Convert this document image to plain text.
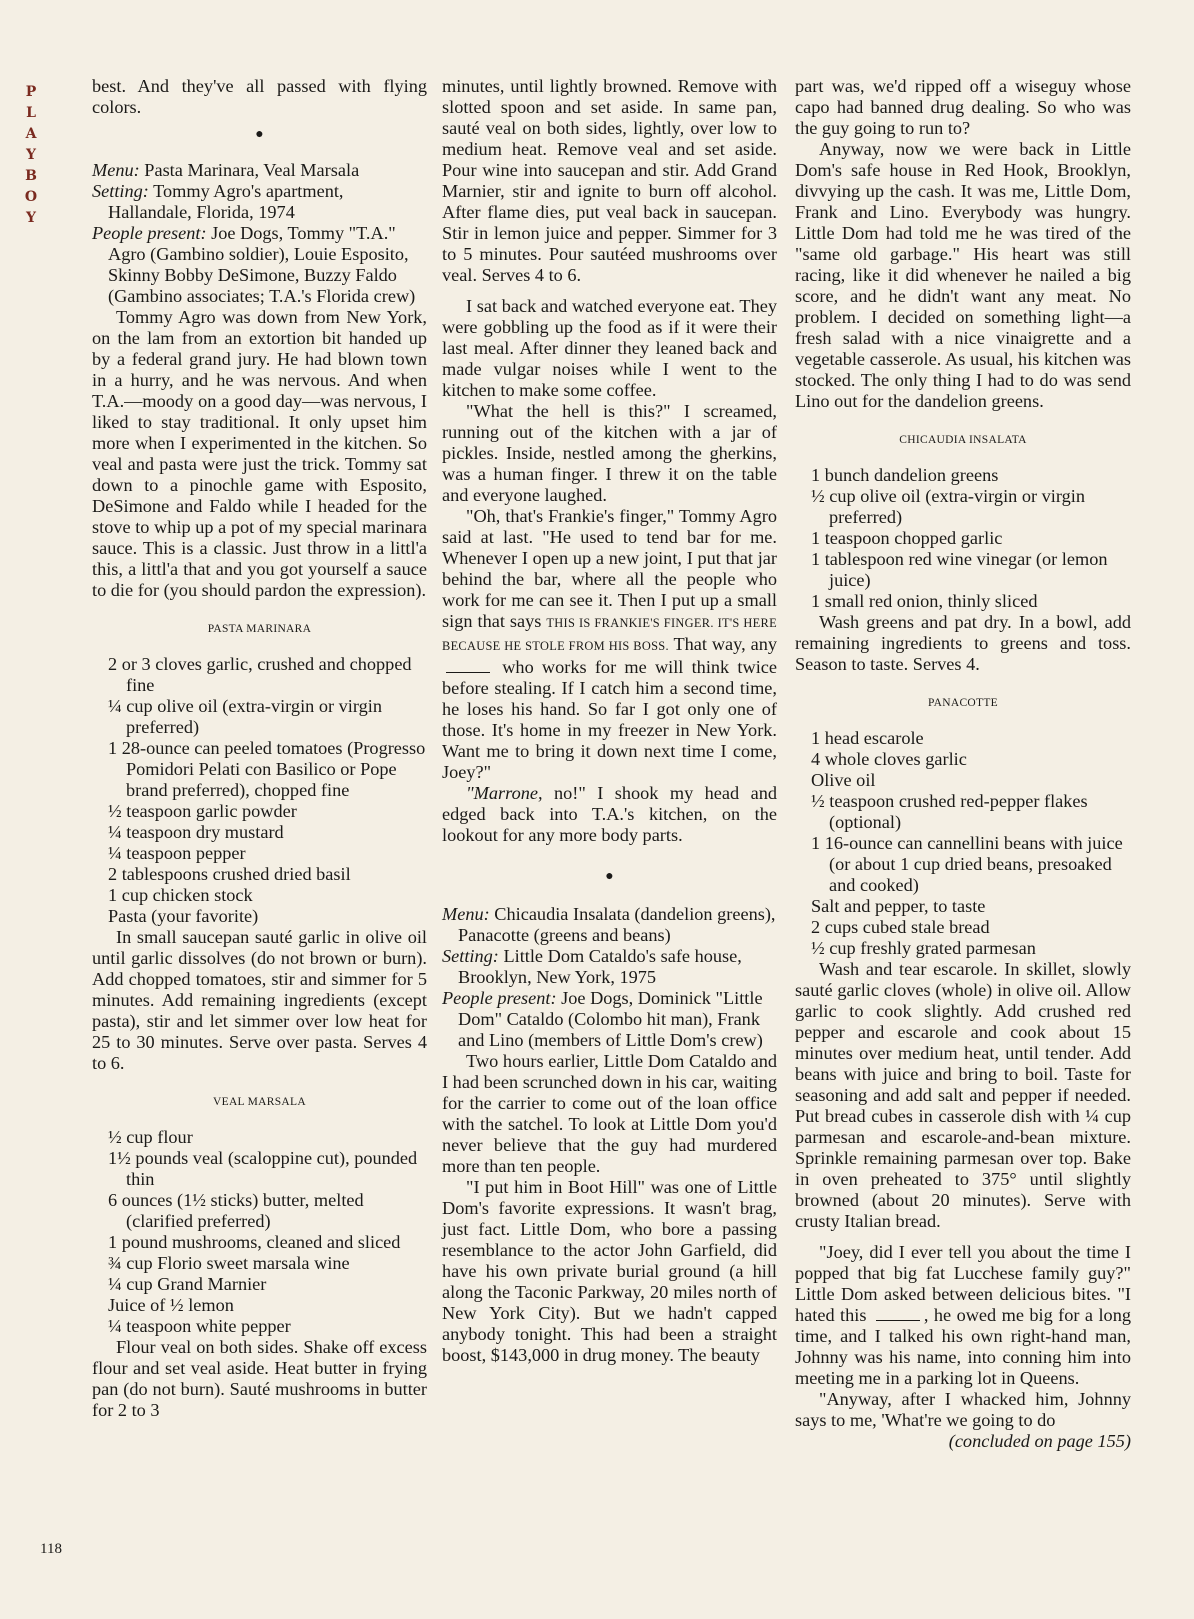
P
L
A
Y
B
O
Y
118

best. And they've all passed with flying colors.

●
Menu: Pasta Marinara, Veal Marsala
Setting: Tommy Agro's apartment, Hallandale, Florida, 1974
People present: Joe Dogs, Tommy "T.A." Agro (Gambino soldier), Louie Esposito, Skinny Bobby DeSimone, Buzzy Faldo (Gambino associates; T.A.'s Florida crew)

Tommy Agro was down from New York, on the lam from an extortion bit handed up by a federal grand jury. He had blown town in a hurry, and he was nervous. And when T.A.—moody on a good day—was nervous, I liked to stay traditional. It only upset him more when I experimented in the kitchen. So veal and pasta were just the trick. Tommy sat down to a pinochle game with Esposito, DeSimone and Faldo while I headed for the stove to whip up a pot of my special marinara sauce. This is a classic. Just throw in a littl'a this, a littl'a that and you got yourself a sauce to die for (you should pardon the expression).

PASTA MARINARA
2 or 3 cloves garlic, crushed and chopped fine
¼ cup olive oil (extra-virgin or virgin preferred)
1 28-ounce can peeled tomatoes (Progresso Pomidori Pelati con Basilico or Pope brand preferred), chopped fine
½ teaspoon garlic powder
¼ teaspoon dry mustard
¼ teaspoon pepper
2 tablespoons crushed dried basil
1 cup chicken stock
Pasta (your favorite)

In small saucepan sauté garlic in olive oil until garlic dissolves (do not brown or burn). Add chopped tomatoes, stir and simmer for 5 minutes. Add remaining ingredients (except pasta), stir and let simmer over low heat for 25 to 30 minutes. Serve over pasta. Serves 4 to 6.

VEAL MARSALA
½ cup flour
1½ pounds veal (scaloppine cut), pounded thin
6 ounces (1½ sticks) butter, melted (clarified preferred)
1 pound mushrooms, cleaned and sliced
¾ cup Florio sweet marsala wine
¼ cup Grand Marnier
Juice of ½ lemon
¼ teaspoon white pepper

Flour veal on both sides. Shake off excess flour and set veal aside. Heat butter in frying pan (do not burn). Sauté mushrooms in butter for 2 to 3

minutes, until lightly browned. Remove with slotted spoon and set aside. In same pan, sauté veal on both sides, lightly, over low to medium heat. Remove veal and set aside. Pour wine into saucepan and stir. Add Grand Marnier, stir and ignite to burn off alcohol. After flame dies, put veal back in saucepan. Stir in lemon juice and pepper. Simmer for 3 to 5 minutes. Pour sautéed mushrooms over veal. Serves 4 to 6.

I sat back and watched everyone eat. They were gobbling up the food as if it were their last meal. After dinner they leaned back and made vulgar noises while I went to the kitchen to make some coffee.

"What the hell is this?" I screamed, running out of the kitchen with a jar of pickles. Inside, nestled among the gherkins, was a human finger. I threw it on the table and everyone laughed.

"Oh, that's Frankie's finger," Tommy Agro said at last. "He used to tend bar for me. Whenever I open up a new joint, I put that jar behind the bar, where all the people who work for me can see it. Then I put up a small sign that says THIS IS FRANKIE'S FINGER. IT'S HERE BECAUSE HE STOLE FROM HIS BOSS. That way, any  who works for me will think twice before stealing. If I catch him a second time, he loses his hand. So far I got only one of those. It's home in my freezer in New York. Want me to bring it down next time I come, Joey?"

"Marrone, no!" I shook my head and edged back into T.A.'s kitchen, on the lookout for any more body parts.

●
Menu: Chicaudia Insalata (dandelion greens), Panacotte (greens and beans)
Setting: Little Dom Cataldo's safe house, Brooklyn, New York, 1975
People present: Joe Dogs, Dominick "Little Dom" Cataldo (Colombo hit man), Frank and Lino (members of Little Dom's crew)

Two hours earlier, Little Dom Cataldo and I had been scrunched down in his car, waiting for the carrier to come out of the loan office with the satchel. To look at Little Dom you'd never believe that the guy had murdered more than ten people.

"I put him in Boot Hill" was one of Little Dom's favorite expressions. It wasn't brag, just fact. Little Dom, who bore a passing resemblance to the actor John Garfield, did have his own private burial ground (a hill along the Taconic Parkway, 20 miles north of New York City). But we hadn't capped anybody tonight. This had been a straight boost, $143,000 in drug money. The beauty

part was, we'd ripped off a wiseguy whose capo had banned drug dealing. So who was the guy going to run to?

Anyway, now we were back in Little Dom's safe house in Red Hook, Brooklyn, divvying up the cash. It was me, Little Dom, Frank and Lino. Everybody was hungry. Little Dom had told me he was tired of the "same old garbage." His heart was still racing, like it did whenever he nailed a big score, and he didn't want any meat. No problem. I decided on something light—a fresh salad with a nice vinaigrette and a vegetable casserole. As usual, his kitchen was stocked. The only thing I had to do was send Lino out for the dandelion greens.

CHICAUDIA INSALATA
1 bunch dandelion greens
½ cup olive oil (extra-virgin or virgin preferred)
1 teaspoon chopped garlic
1 tablespoon red wine vinegar (or lemon juice)
1 small red onion, thinly sliced

Wash greens and pat dry. In a bowl, add remaining ingredients to greens and toss. Season to taste. Serves 4.

PANACOTTE
1 head escarole
4 whole cloves garlic
Olive oil
½ teaspoon crushed red-pepper flakes (optional)
1 16-ounce can cannellini beans with juice (or about 1 cup dried beans, presoaked and cooked)
Salt and pepper, to taste
2 cups cubed stale bread
½ cup freshly grated parmesan

Wash and tear escarole. In skillet, slowly sauté garlic cloves (whole) in olive oil. Allow garlic to cook slightly. Add crushed red pepper and escarole and cook about 15 minutes over medium heat, until tender. Add beans with juice and bring to boil. Taste for seasoning and add salt and pepper if needed. Put bread cubes in casserole dish with ¼ cup parmesan and escarole-and-bean mixture. Sprinkle remaining parmesan over top. Bake in oven preheated to 375° until slightly browned (about 20 minutes). Serve with crusty Italian bread.

"Joey, did I ever tell you about the time I popped that big fat Lucchese family guy?" Little Dom asked between delicious bites. "I hated this	, he owed me big for a long time, and I talked his own right-hand man, Johnny was his name, into conning him into meeting me in a parking lot in Queens.

"Anyway, after I whacked him, Johnny says to me, 'What're we going to do

(concluded on page 155)
